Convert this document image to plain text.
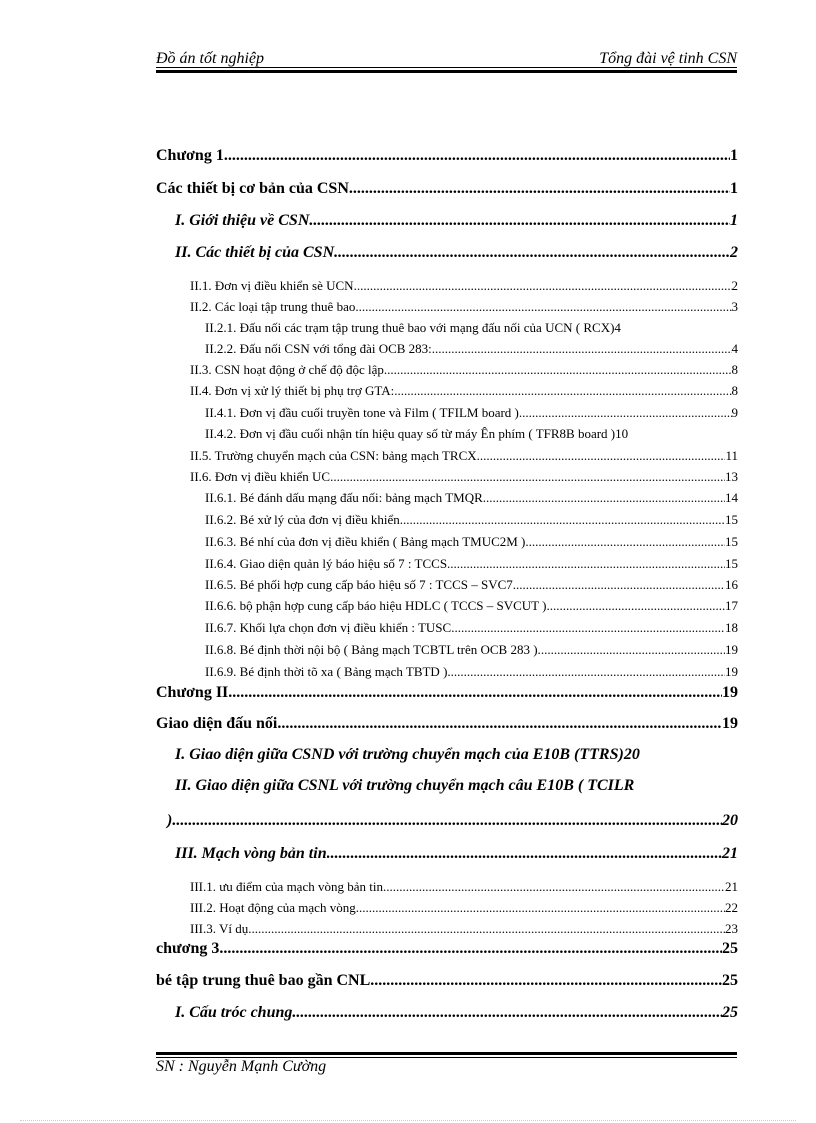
Đồ án tốt nghiệp	Tổng đài vệ tinh CSN
Chương 1 .....	1
Các thiết bị cơ bản của CSN .....	1
I. Giới thiệu về CSN .....	1
II. Các thiết bị của CSN .....	2
II.1. Đơn vị điều khiển sè UCN. .....	2
II.2. Các loại tập trung thuê bao. .....	3
II.2.1. Đấu nối các trạm tập trung thuê bao với mạng đấu nối của UCN ( RCX) 4
II.2.2. Đấu nối CSN với tổng đài OCB 283: .....	4
II.3. CSN hoạt động ở chế độ độc lập. .....	8
II.4. Đơn vị xử lý thiết bị phụ trợ GTA: .....	8
II.4.1. Đơn vị đầu cuối truyền tone và Film ( TFILM board ) .....	9
II.4.2. Đơn vị đầu cuối nhận tín hiệu quay số từ máy Ên phím ( TFR8B board ) 10
II.5. Trường chuyển mạch của CSN: bảng mạch TRCX .....	11
II.6. Đơn vị điều khiển UC. .....	13
II.6.1. Bé đánh dấu mạng đấu nối: bảng mạch TMQR. .....	14
II.6.2. Bé xử lý của đơn vị điều khiển. .....	15
II.6.3. Bé nhí của đơn vị điều khiển ( Bảng mạch TMUC2M ) .....	15
II.6.4. Giao diện quản lý báo hiệu số 7 : TCCS .....	15
II.6.5. Bé phối hợp cung cấp báo hiệu số 7 : TCCS – SVC7. .....	16
II.6.6. bộ phận hợp cung cấp báo hiệu HDLC ( TCCS – SVCUT ). .....	17
II.6.7. Khối lựa chọn đơn vị điều khiển : TUSC. .....	18
II.6.8. Bé định thời nội bộ ( Bảng mạch TCBTL trên OCB 283 ). .....	19
II.6.9. Bé định thời tõ xa ( Bảng mạch TBTD ). .....	19
Chương II .....	19
Giao diện đấu nối .....	19
I. Giao diện giữa CSND với trường chuyển mạch của E10B (TTRS) 20
II. Giao diện giữa CSNL với trường chuyển mạch câu E10B ( TCILR
). .....	20
III. Mạch vòng bản tin .....	21
III.1. ưu điểm của mạch vòng bản tin. .....	21
III.2. Hoạt động của mạch vòng. .....	22
III.3. Ví dụ .....	23
chương 3 .....	25
bé tập trung thuê bao gần CNL .....	25
I. Cấu tróc chung .....	25
SN : Nguyễn Mạnh Cường
